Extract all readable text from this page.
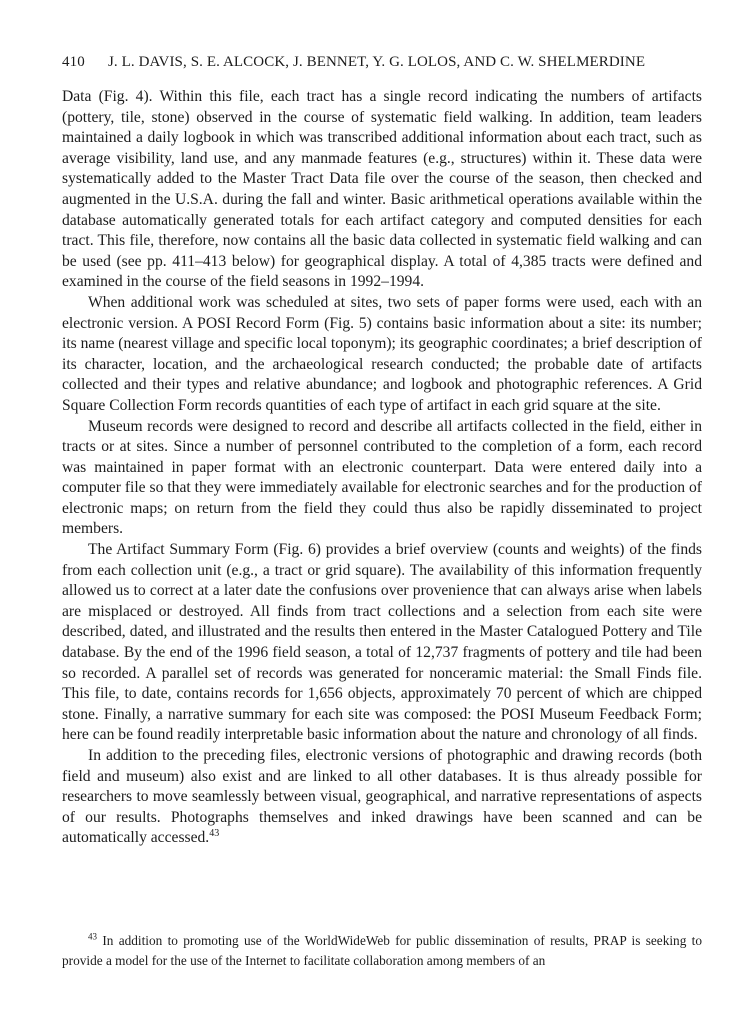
410 J. L. DAVIS, S. E. ALCOCK, J. BENNET, Y. G. LOLOS, AND C. W. SHELMERDINE

Data (Fig. 4). Within this file, each tract has a single record indicating the numbers of artifacts (pottery, tile, stone) observed in the course of systematic field walking. In addition, team leaders maintained a daily logbook in which was transcribed additional information about each tract, such as average visibility, land use, and any manmade features (e.g., structures) within it. These data were systematically added to the Master Tract Data file over the course of the season, then checked and augmented in the U.S.A. during the fall and winter. Basic arithmetical operations available within the database automatically generated totals for each artifact category and computed densities for each tract. This file, therefore, now contains all the basic data collected in systematic field walking and can be used (see pp. 411–413 below) for geographical display. A total of 4,385 tracts were defined and examined in the course of the field seasons in 1992–1994.

When additional work was scheduled at sites, two sets of paper forms were used, each with an electronic version. A POSI Record Form (Fig. 5) contains basic information about a site: its number; its name (nearest village and specific local toponym); its geographic coordinates; a brief description of its character, location, and the archaeological research conducted; the probable date of artifacts collected and their types and relative abundance; and logbook and photographic references. A Grid Square Collection Form records quantities of each type of artifact in each grid square at the site.

Museum records were designed to record and describe all artifacts collected in the field, either in tracts or at sites. Since a number of personnel contributed to the completion of a form, each record was maintained in paper format with an electronic counterpart. Data were entered daily into a computer file so that they were immediately available for electronic searches and for the production of electronic maps; on return from the field they could thus also be rapidly disseminated to project members.

The Artifact Summary Form (Fig. 6) provides a brief overview (counts and weights) of the finds from each collection unit (e.g., a tract or grid square). The availability of this information frequently allowed us to correct at a later date the confusions over provenience that can always arise when labels are misplaced or destroyed. All finds from tract collections and a selection from each site were described, dated, and illustrated and the results then entered in the Master Catalogued Pottery and Tile database. By the end of the 1996 field season, a total of 12,737 fragments of pottery and tile had been so recorded. A parallel set of records was generated for nonceramic material: the Small Finds file. This file, to date, contains records for 1,656 objects, approximately 70 percent of which are chipped stone. Finally, a narrative summary for each site was composed: the POSI Museum Feedback Form; here can be found readily interpretable basic information about the nature and chronology of all finds.

In addition to the preceding files, electronic versions of photographic and drawing records (both field and museum) also exist and are linked to all other databases. It is thus already possible for researchers to move seamlessly between visual, geographical, and narrative representations of aspects of our results. Photographs themselves and inked drawings have been scanned and can be automatically accessed.$^{43}$

$^{43}$ In addition to promoting use of the WorldWideWeb for public dissemination of results, PRAP is seeking to provide a model for the use of the Internet to facilitate collaboration among members of an
